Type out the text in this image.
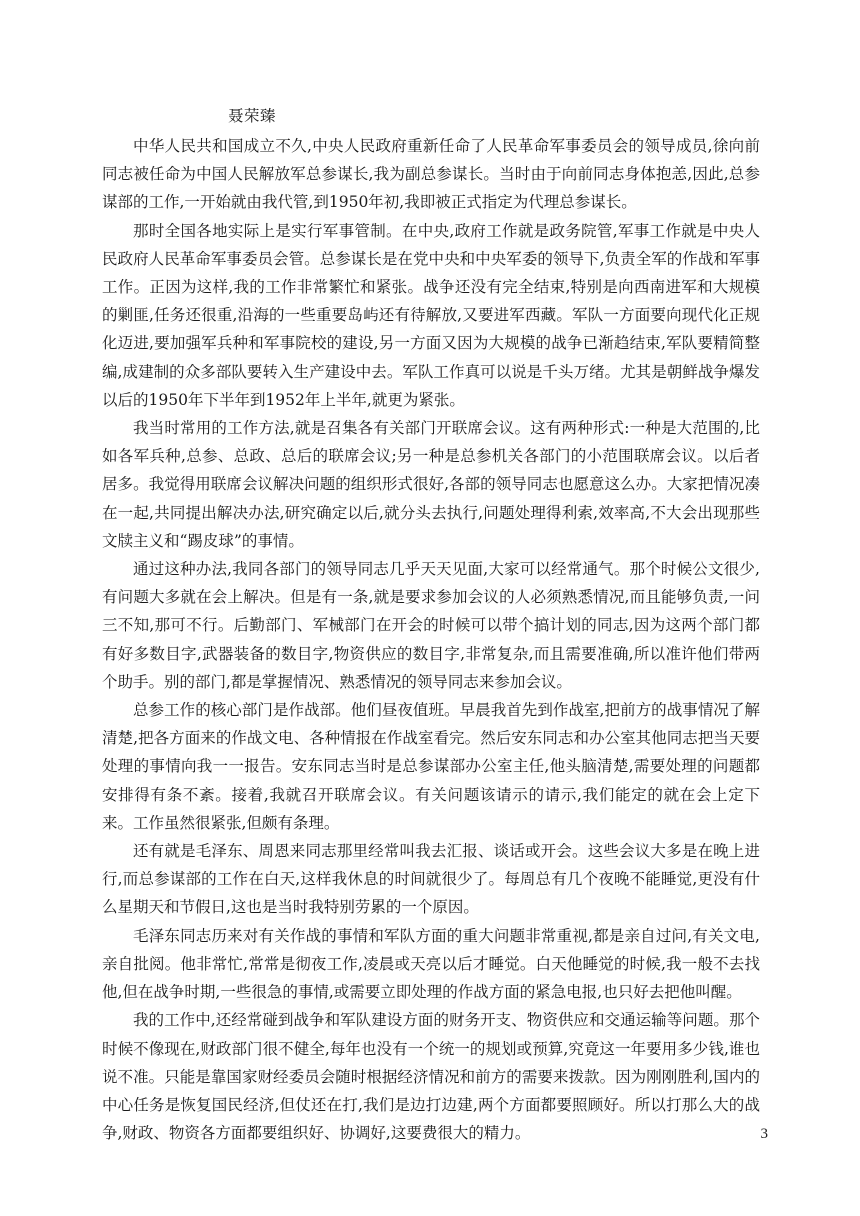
聂荣臻

中华人民共和国成立不久,中央人民政府重新任命了人民革命军事委员会的领导成员,徐向前同志被任命为中国人民解放军总参谋长,我为副总参谋长。当时由于向前同志身体抱恙,因此,总参谋部的工作,一开始就由我代管,到1950年初,我即被正式指定为代理总参谋长。

那时全国各地实际上是实行军事管制。在中央,政府工作就是政务院管,军事工作就是中央人民政府人民革命军事委员会管。总参谋长是在党中央和中央军委的领导下,负责全军的作战和军事工作。正因为这样,我的工作非常繁忙和紧张。战争还没有完全结束,特别是向西南进军和大规模的剿匪,任务还很重,沿海的一些重要岛屿还有待解放,又要进军西藏。军队一方面要向现代化正规化迈进,要加强军兵种和军事院校的建设,另一方面又因为大规模的战争已渐趋结束,军队要精简整编,成建制的众多部队要转入生产建设中去。军队工作真可以说是千头万绪。尤其是朝鲜战争爆发以后的1950年下半年到1952年上半年,就更为紧张。

我当时常用的工作方法,就是召集各有关部门开联席会议。这有两种形式:一种是大范围的,比如各军兵种,总参、总政、总后的联席会议;另一种是总参机关各部门的小范围联席会议。以后者居多。我觉得用联席会议解决问题的组织形式很好,各部的领导同志也愿意这么办。大家把情况凑在一起,共同提出解决办法,研究确定以后,就分头去执行,问题处理得利索,效率高,不大会出现那些文牍主义和“踢皮球”的事情。

通过这种办法,我同各部门的领导同志几乎天天见面,大家可以经常通气。那个时候公文很少,有问题大多就在会上解决。但是有一条,就是要求参加会议的人必须熟悉情况,而且能够负责,一问三不知,那可不行。后勤部门、军械部门在开会的时候可以带个搞计划的同志,因为这两个部门都有好多数目字,武器装备的数目字,物资供应的数目字,非常复杂,而且需要准确,所以准许他们带两个助手。别的部门,都是掌握情况、熟悉情况的领导同志来参加会议。

总参工作的核心部门是作战部。他们昼夜值班。早晨我首先到作战室,把前方的战事情况了解清楚,把各方面来的作战文电、各种情报在作战室看完。然后安东同志和办公室其他同志把当天要处理的事情向我一一报告。安东同志当时是总参谋部办公室主任,他头脑清楚,需要处理的问题都安排得有条不紊。接着,我就召开联席会议。有关问题该请示的请示,我们能定的就在会上定下来。工作虽然很紧张,但颇有条理。

还有就是毛泽东、周恩来同志那里经常叫我去汇报、谈话或开会。这些会议大多是在晚上进行,而总参谋部的工作在白天,这样我休息的时间就很少了。每周总有几个夜晚不能睡觉,更没有什么星期天和节假日,这也是当时我特别劳累的一个原因。

毛泽东同志历来对有关作战的事情和军队方面的重大问题非常重视,都是亲自过问,有关文电,亲自批阅。他非常忙,常常是彻夜工作,凌晨或天亮以后才睡觉。白天他睡觉的时候,我一般不去找他,但在战争时期,一些很急的事情,或需要立即处理的作战方面的紧急电报,也只好去把他叫醒。

我的工作中,还经常碰到战争和军队建设方面的财务开支、物资供应和交通运输等问题。那个时候不像现在,财政部门很不健全,每年也没有一个统一的规划或预算,究竟这一年要用多少钱,谁也说不准。只能是靠国家财经委员会随时根据经济情况和前方的需要来拨款。因为刚刚胜利,国内的中心任务是恢复国民经济,但仗还在打,我们是边打边建,两个方面都要照顾好。所以打那么大的战争,财政、物资各方面都要组织好、协调好,这要费很大的精力。	3
